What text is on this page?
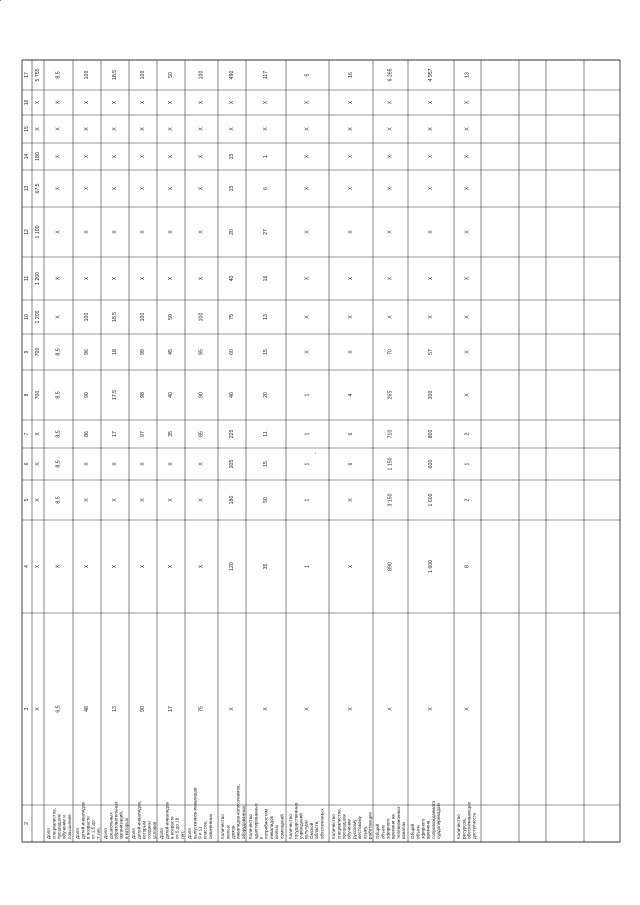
2
3
4
5
6
7
8
9
10
11
12
13
14
15
16
17
X
X
X
X
X
700
700
1 200
1 200
1 100
67,5
180
X
X
5 755
Доля специалистов, прошедших обучение и повышение
6,5
X
8,5
8,5
8,5
8,5
8,5
X
X
X
X
X
X
X
8,5
Доля детей-инвалидов в возрасте от 1,5 до 7 лет,
48
X
X
X
86
90
96
100
X
X
X
X
X
X
100
Доля дошкольных образовательных организаций, в которых
13
X
X
X
17
17,5
18
18,5
X
X
X
X
X
X
18,5
Доля детей-инвалидов, которым созданы условия
90
X
X
X
97
98
99
100
X
X
X
X
X
X
100
Доля детей-инвалидов в возрасте от 5 до 18 лет,
17
X
X
X
35
40
45
50
X
X
X
X
X
X
50
Доля выпускников-инвалидов 9 и 11 классов, охваченных
75
X
X
X
85
90
95
100
X
X
X
X
X
X
100
Количество жилых домов инвалидов-колясочников, оборудованных
X
120
180
205
225
40
60
75
40
20
15
15
X
X
490
Количество адаптированных к потребностям инвалидов жилых помещений
X
35
50
15
11
20
15
13
16
27
6
1
X
X
117
Количество государственных учреждений культуры Омской области, обеспеченных
X
1
1
1
1
1
X
X
X
X
X
X
X
X
5
Количество специалистов, прошедших обучение русскому жестовому языку, работающих
X
X
X
6
6
4
X
X
X
X
X
X
X
X
16
Общий объем эфирного времени на телевизионных каналах
X
890
3 150
1 150
710
265
70
X
X
X
X
X
X
X
6 265
Общий объем эфирного времени, сопровождаемого сурдопереводом
X
1 600
1 600
600
800
300
57
X
X
X
X
X
X
X
4 957
Количество ресурсов, обеспечивающих доступность
X
8
2
1
2
X
X
X
X
X
X
X
X
X
13
'
